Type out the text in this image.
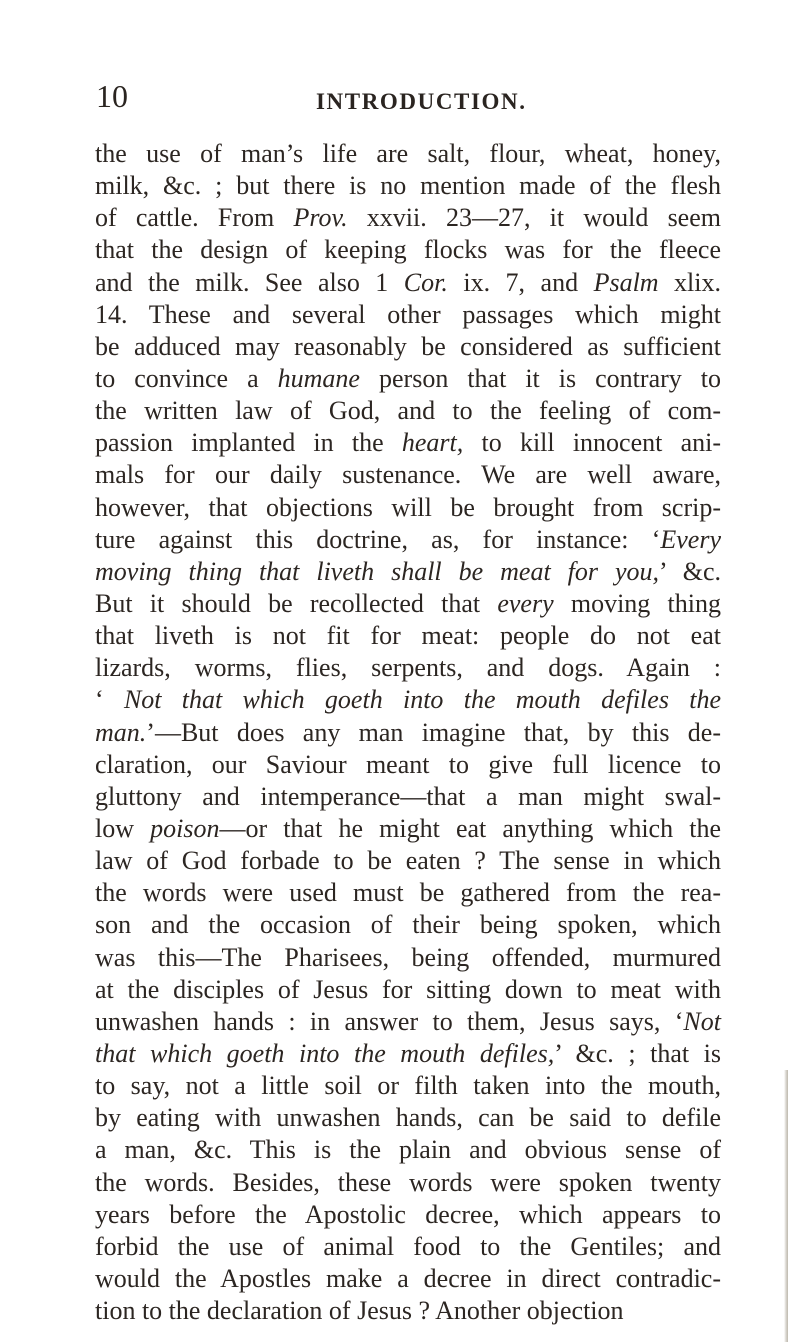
10	INTRODUCTION.
the use of man’s life are salt, flour, wheat, honey,
milk, &c. ; but there is no mention made of the flesh
of cattle. From Prov. xxvii. 23—27, it would seem
that the design of keeping flocks was for the fleece
and the milk. See also 1 Cor. ix. 7, and Psalm xlix.
14. These and several other passages which might
be adduced may reasonably be considered as sufficient
to convince a humane person that it is contrary to
the written law of God, and to the feeling of com-
passion implanted in the heart, to kill innocent ani-
mals for our daily sustenance. We are well aware,
however, that objections will be brought from scrip-
ture against this doctrine, as, for instance: ‘Every
moving thing that liveth shall be meat for you,’ &c.
But it should be recollected that every moving thing
that liveth is not fit for meat: people do not eat
lizards, worms, flies, serpents, and dogs. Again :
‘ Not that which goeth into the mouth defiles the
man.’—But does any man imagine that, by this de-
claration, our Saviour meant to give full licence to
gluttony and intemperance—that a man might swal-
low poison—or that he might eat anything which the
law of God forbade to be eaten ? The sense in which
the words were used must be gathered from the rea-
son and the occasion of their being spoken, which
was this—The Pharisees, being offended, murmured
at the disciples of Jesus for sitting down to meat with
unwashen hands : in answer to them, Jesus says, ‘Not
that which goeth into the mouth defiles,’ &c. ; that is
to say, not a little soil or filth taken into the mouth,
by eating with unwashen hands, can be said to defile
a man, &c. This is the plain and obvious sense of
the words. Besides, these words were spoken twenty
years before the Apostolic decree, which appears to
forbid the use of animal food to the Gentiles; and
would the Apostles make a decree in direct contradic-
tion to the declaration of Jesus ? Another objection
